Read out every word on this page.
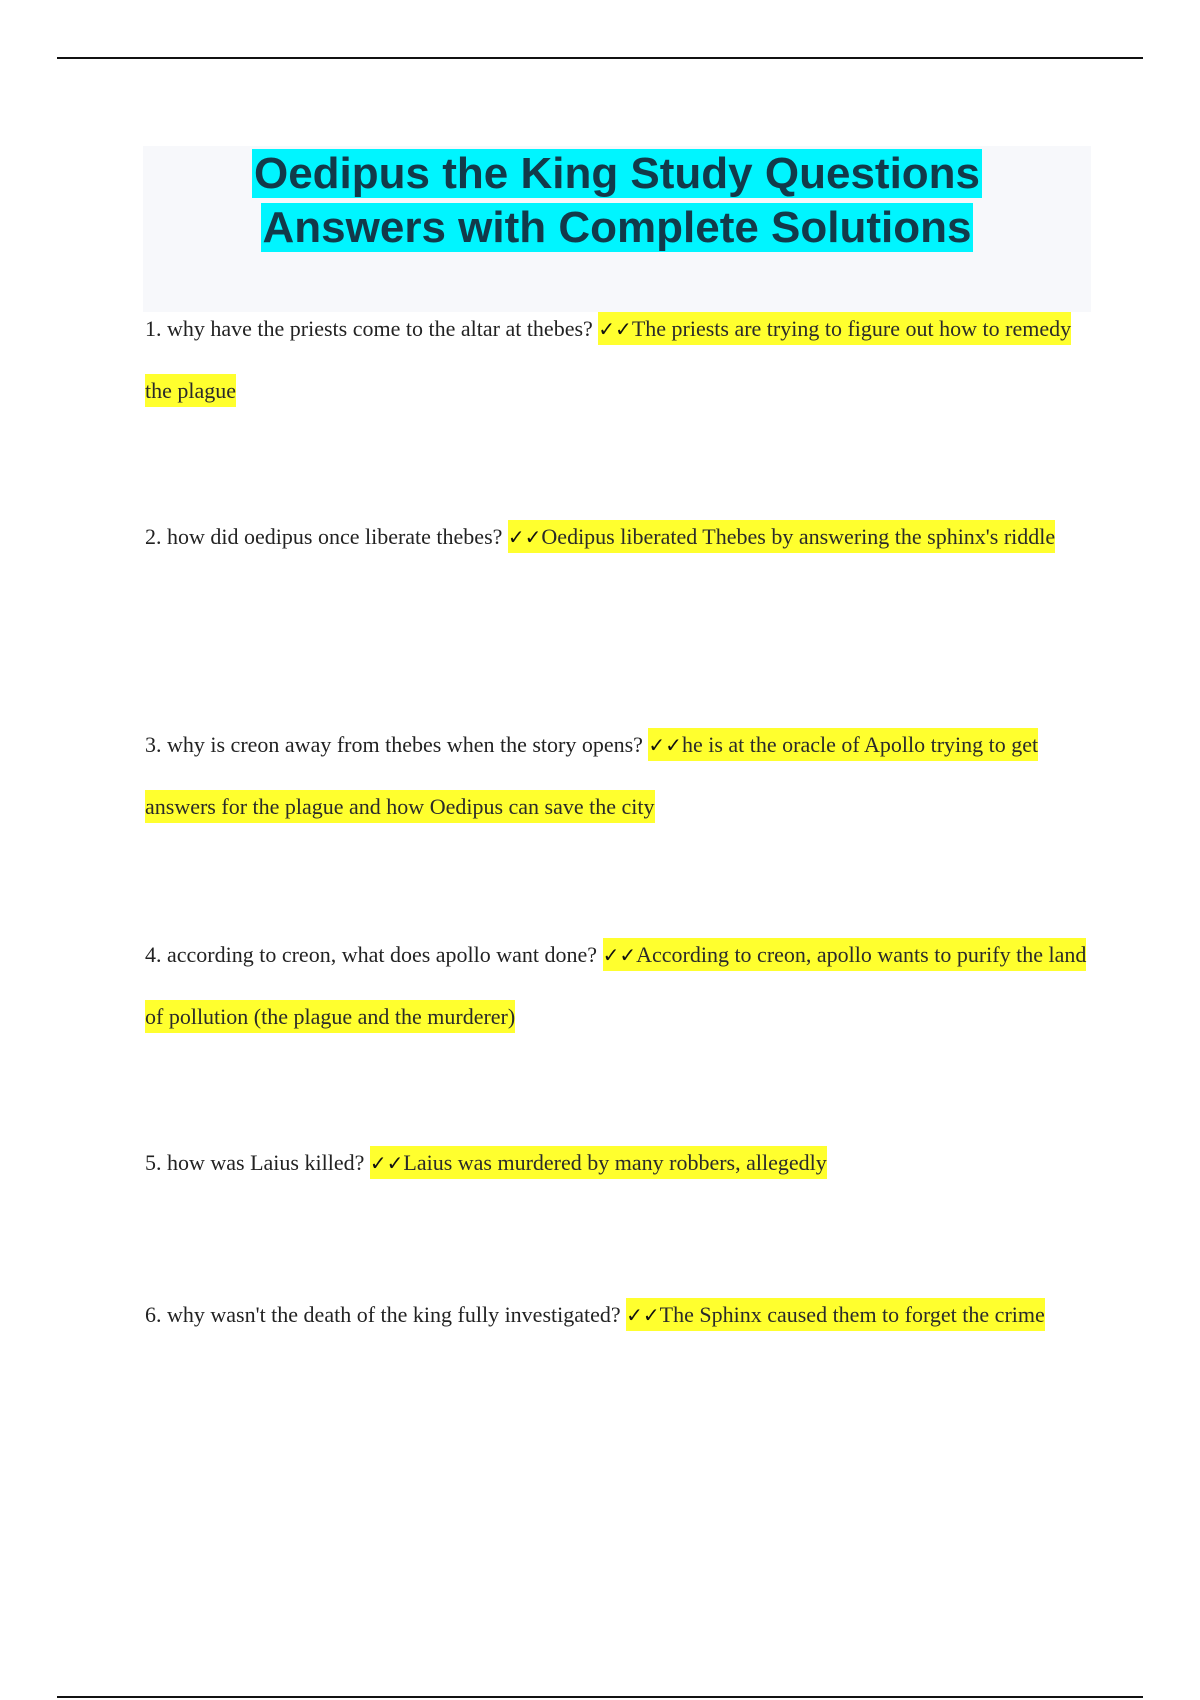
Oedipus the King Study Questions
Answers with Complete Solutions

1. why have the priests come to the altar at thebes? ✓✓The priests are trying to figure out how to remedy the plague

2. how did oedipus once liberate thebes? ✓✓Oedipus liberated Thebes by answering the sphinx's riddle

3. why is creon away from thebes when the story opens? ✓✓he is at the oracle of Apollo trying to get answers for the plague and how Oedipus can save the city

4. according to creon, what does apollo want done? ✓✓According to creon, apollo wants to purify the land of pollution (the plague and the murderer)

5. how was Laius killed? ✓✓Laius was murdered by many robbers, allegedly

6. why wasn't the death of the king fully investigated? ✓✓The Sphinx caused them to forget the crime
